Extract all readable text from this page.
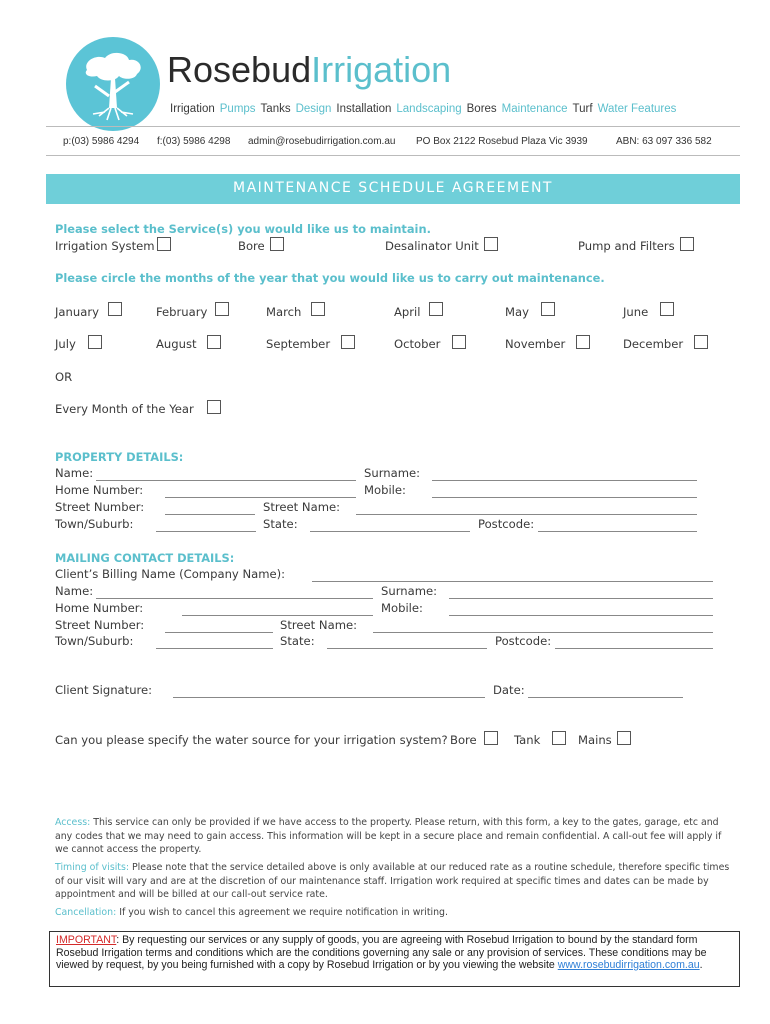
RosebudIrrigation
Irrigation Pumps Tanks Design Installation Landscaping Bores Maintenance Turf Water Features
p:(03) 5986 4294 f:(03) 5986 4298 admin@rosebudirrigation.com.au PO Box 2122 Rosebud Plaza Vic 3939	ABN: 63 097 336 582
MAINTENANCE SCHEDULE AGREEMENT
Please select the Service(s) you would like us to maintain.
Irrigation System	Bore	Desalinator Unit	Pump and Filters
Please circle the months of the year that you would like us to carry out maintenance.
January	February	March	April	May	June
July	August	September	October	November	December
OR
Every Month of the Year
PROPERTY DETAILS:
Name:	Surname:
Home Number:	Mobile:
Street Number:	Street Name:
Town/Suburb:	State:	Postcode:
MAILING CONTACT DETAILS:
Client’s Billing Name (Company Name):
Name:	Surname:
Home Number:	Mobile:
Street Number:	Street Name:
Town/Suburb:	State:	Postcode:
Client Signature:	Date:
Can you please specify the water source for your irrigation system? Bore	Tank	Mains
Access: This service can only be provided if we have access to the property. Please return, with this form, a key to the gates, garage, etc and any codes that we may need to gain access. This information will be kept in a secure place and remain confidential. A call-out fee will apply if we cannot access the property.
Timing of visits: Please note that the service detailed above is only available at our reduced rate as a routine schedule, therefore specific times of our visit will vary and are at the discretion of our maintenance staff. Irrigation work required at specific times and dates can be made by appointment and will be billed at our call-out service rate.
Cancellation: If you wish to cancel this agreement we require notification in writing.
IMPORTANT: By requesting our services or any supply of goods, you are agreeing with Rosebud Irrigation to bound by the standard form Rosebud Irrigation terms and conditions which are the conditions governing any sale or any provision of services. These conditions may be viewed by request, by you being furnished with a copy by Rosebud Irrigation or by you viewing the website www.rosebudirrigation.com.au.
